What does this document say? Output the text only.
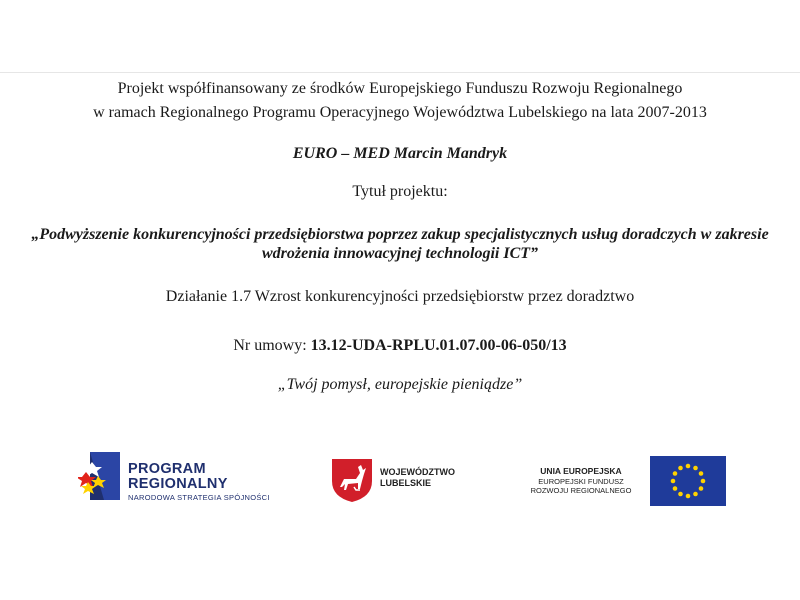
Projekt współfinansowany ze środków Europejskiego Funduszu Rozwoju Regionalnego
w ramach Regionalnego Programu Operacyjnego Województwa Lubelskiego na lata 2007-2013
EURO – MED Marcin Mandryk
Tytuł projektu:
„Podwyższenie konkurencyjności przedsiębiorstwa poprzez zakup specjalistycznych usług doradczych w zakresie wdrożenia innowacyjnej technologii ICT”
Działanie 1.7 Wzrost konkurencyjności przedsiębiorstw przez doradztwo
Nr umowy: 13.12-UDA-RPLU.01.07.00-06-050/13
„Twój pomysł, europejskie pieniądze”
PROGRAM
REGIONALNY
NARODOWA STRATEGIA SPÓJNOŚCI
WOJEWÓDZTWO
LUBELSKIE
UNIA EUROPEJSKA
EUROPEJSKI FUNDUSZ
ROZWOJU REGIONALNEGO
